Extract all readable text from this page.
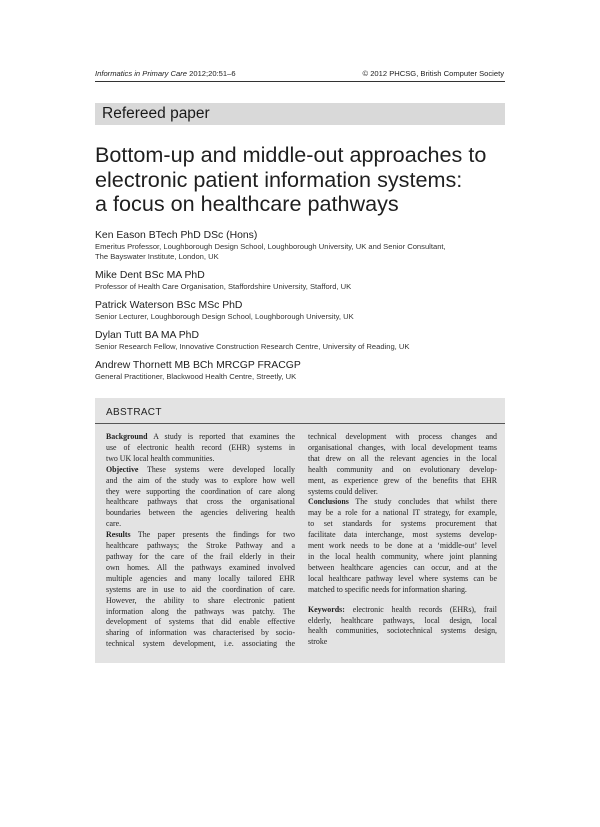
Informatics in Primary Care 2012;20:51–6	© 2012 PHCSG, British Computer Society
Refereed paper
Bottom-up and middle-out approaches to
electronic patient information systems:
a focus on healthcare pathways
Ken Eason BTech PhD DSc (Hons)
Emeritus Professor, Loughborough Design School, Loughborough University, UK and Senior Consultant,
The Bayswater Institute, London, UK
Mike Dent BSc MA PhD
Professor of Health Care Organisation, Staffordshire University, Stafford, UK
Patrick Waterson BSc MSc PhD
Senior Lecturer, Loughborough Design School, Loughborough University, UK
Dylan Tutt BA MA PhD
Senior Research Fellow, Innovative Construction Research Centre, University of Reading, UK
Andrew Thornett MB BCh MRCGP FRACGP
General Practitioner, Blackwood Health Centre, Streetly, UK
ABSTRACT

Background A study is reported that examines the
use of electronic health record (EHR) systems in
two UK local health communities.

Objective These systems were developed locally
and the aim of the study was to explore how well
they were supporting the coordination of care along
healthcare pathways that cross the organisational
boundaries between the agencies delivering health
care.

Results The paper presents the findings for two
healthcare pathways; the Stroke Pathway and a
pathway for the care of the frail elderly in their
own homes. All the pathways examined involved
multiple agencies and many locally tailored EHR
systems are in use to aid the coordination of care.
However, the ability to share electronic patient
information along the pathways was patchy. The
development of systems that did enable effective
sharing of information was characterised by socio-
technical system development, i.e. associating the

technical development with process changes and
organisational changes, with local development teams
that drew on all the relevant agencies in the local
health community and on evolutionary develop-
ment, as experience grew of the benefits that EHR
systems could deliver.

Conclusions The study concludes that whilst there
may be a role for a national IT strategy, for example,
to set standards for systems procurement that
facilitate data interchange, most systems develop-
ment work needs to be done at a ‘middle-out’ level
in the local health community, where joint planning
between healthcare agencies can occur, and at the
local healthcare pathway level where systems can be
matched to specific needs for information sharing.

Keywords: electronic health records (EHRs), frail
elderly, healthcare pathways, local design, local
health communities, sociotechnical systems design,
stroke
